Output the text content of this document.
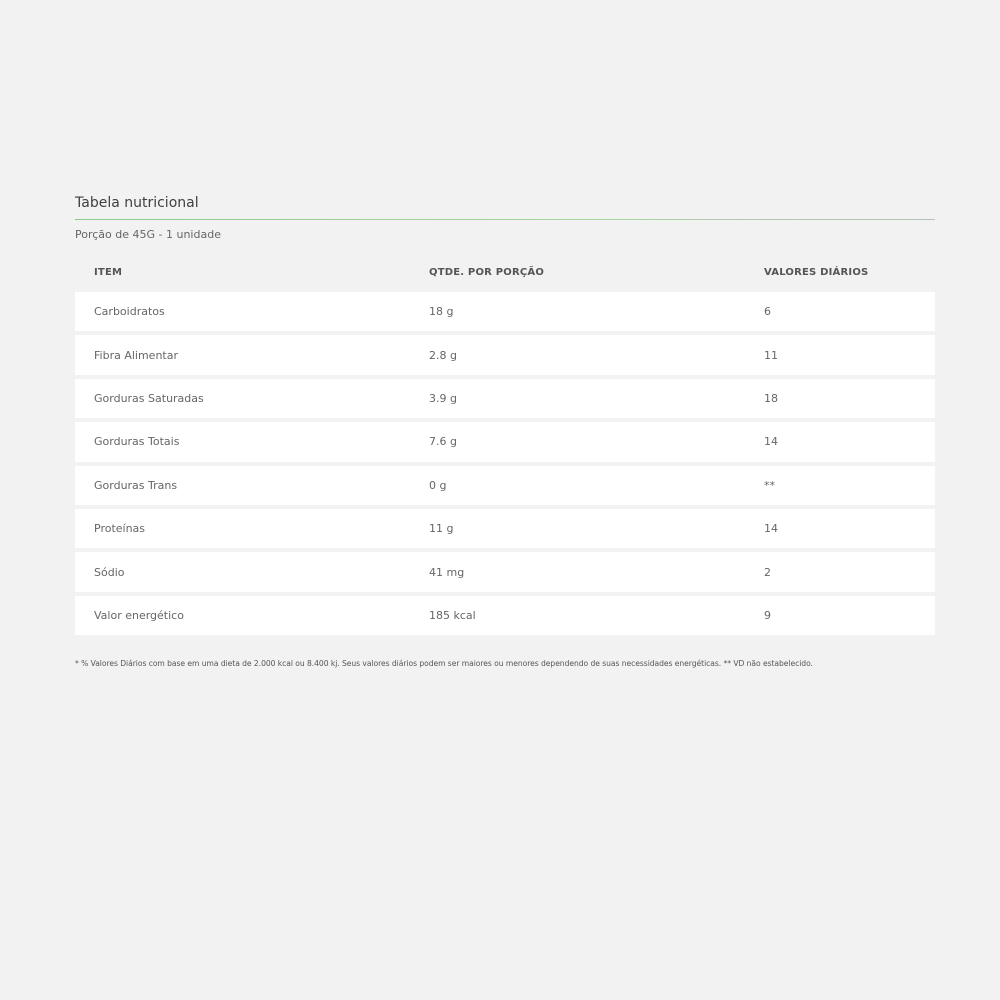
Tabela nutricional
Porção de 45G - 1 unidade
ITEM	QTDE. POR PORÇÃO	VALORES DIÁRIOS
Carboidratos	18 g	6
Fibra Alimentar	2.8 g	11
Gorduras Saturadas	3.9 g	18
Gorduras Totais	7.6 g	14
Gorduras Trans	0 g	**
Proteínas	11 g	14
Sódio	41 mg	2
Valor energético	185 kcal	9
* % Valores Diários com base em uma dieta de 2.000 kcal ou 8.400 kj. Seus valores diários podem ser maiores ou menores dependendo de suas necessidades energéticas. ** VD não estabelecido.
